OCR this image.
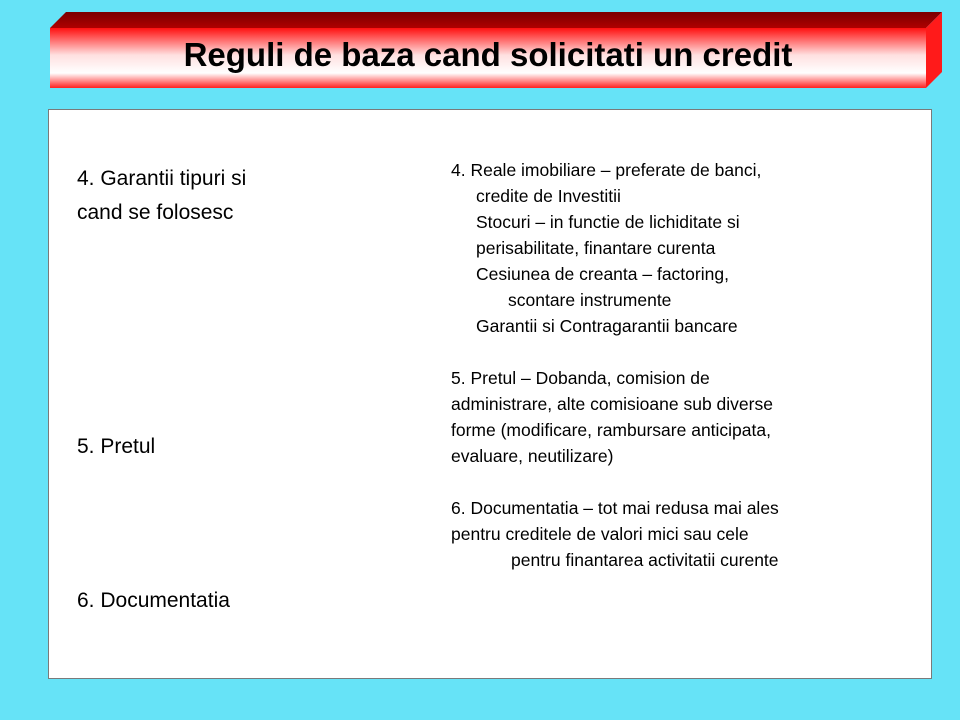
Reguli de baza cand solicitati un credit
4. Garantii tipuri si
cand se folosesc
5. Pretul
6. Documentatia
4. Reale imobiliare – preferate de banci,
credite de Investitii
Stocuri – in functie de lichiditate si
perisabilitate, finantare curenta
Cesiunea de creanta – factoring,
scontare instrumente
Garantii si Contragarantii bancare
5. Pretul – Dobanda, comision de
administrare, alte comisioane sub diverse
forme (modificare, rambursare anticipata,
evaluare, neutilizare)
6. Documentatia – tot mai redusa mai ales
pentru creditele de valori mici sau cele
pentru finantarea activitatii curente
